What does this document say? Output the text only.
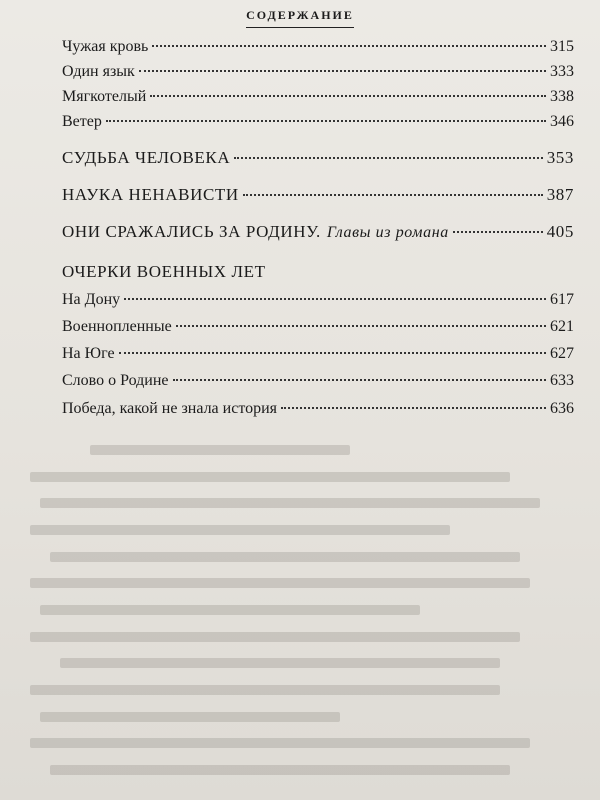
СОДЕРЖАНИЕ
Чужая кровь	315
Один язык	333
Мягкотелый	338
Ветер	346
СУДЬБА ЧЕЛОВЕКА	353
НАУКА НЕНАВИСТИ	387
ОНИ СРАЖАЛИСЬ ЗА РОДИНУ. Главы из романа	405
ОЧЕРКИ ВОЕННЫХ ЛЕТ
На Дону	617
Военнопленные	621
На Юге	627
Слово о Родине	633
Победа, какой не знала история	636
